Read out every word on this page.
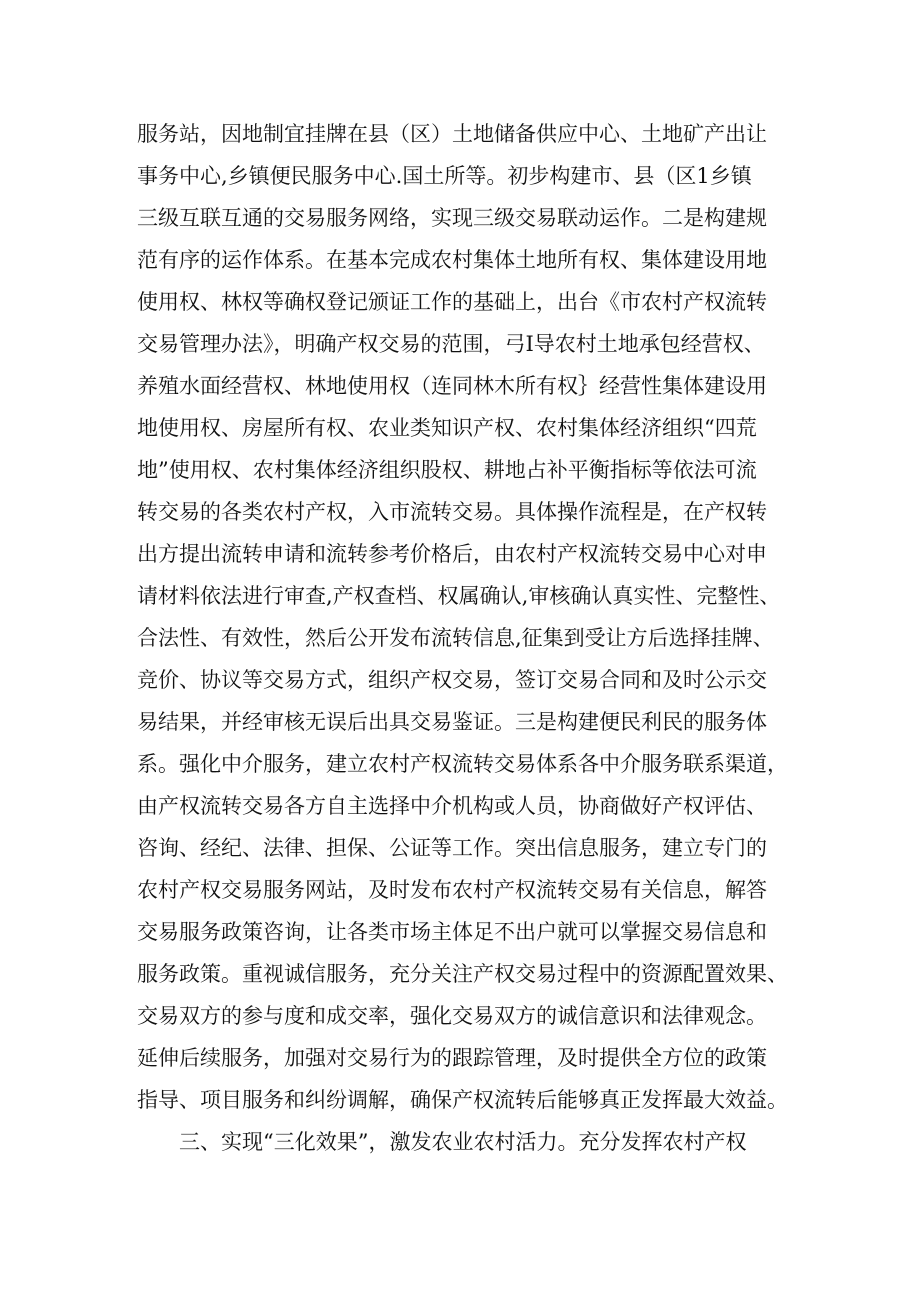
服务站，因地制宜挂牌在县（区）土地储备供应中心、土地矿产出让
事务中心,乡镇便民服务中心.国土所等。初步构建市、县（区1乡镇
三级互联互通的交易服务网络，实现三级交易联动运作。二是构建规
范有序的运作体系。在基本完成农村集体土地所有权、集体建设用地
使用权、林权等确权登记颁证工作的基础上，出台《市农村产权流转
交易管理办法》，明确产权交易的范围，弓I导农村土地承包经营权、
养殖水面经营权、林地使用权（连同林木所有权｝经营性集体建设用
地使用权、房屋所有权、农业类知识产权、农村集体经济组织“四荒
地”使用权、农村集体经济组织股权、耕地占补平衡指标等依法可流
转交易的各类农村产权，入市流转交易。具体操作流程是，在产权转
出方提出流转申请和流转参考价格后，由农村产权流转交易中心对申
请材料依法进行审查,产权查档、权属确认,审核确认真实性、完整性、
合法性、有效性，然后公开发布流转信息,征集到受让方后选择挂牌、
竞价、协议等交易方式，组织产权交易，签订交易合同和及时公示交
易结果，并经审核无误后出具交易鉴证。三是构建便民利民的服务体
系。强化中介服务，建立农村产权流转交易体系各中介服务联系渠道，
由产权流转交易各方自主选择中介机构或人员，协商做好产权评估、
咨询、经纪、法律、担保、公证等工作。突出信息服务，建立专门的
农村产权交易服务网站，及时发布农村产权流转交易有关信息，解答
交易服务政策咨询，让各类市场主体足不出户就可以掌握交易信息和
服务政策。重视诚信服务，充分关注产权交易过程中的资源配置效果、
交易双方的参与度和成交率，强化交易双方的诚信意识和法律观念。
延伸后续服务，加强对交易行为的跟踪管理，及时提供全方位的政策
指导、项目服务和纠纷调解，确保产权流转后能够真正发挥最大效益。
三、实现“三化效果”，激发农业农村活力。充分发挥农村产权
